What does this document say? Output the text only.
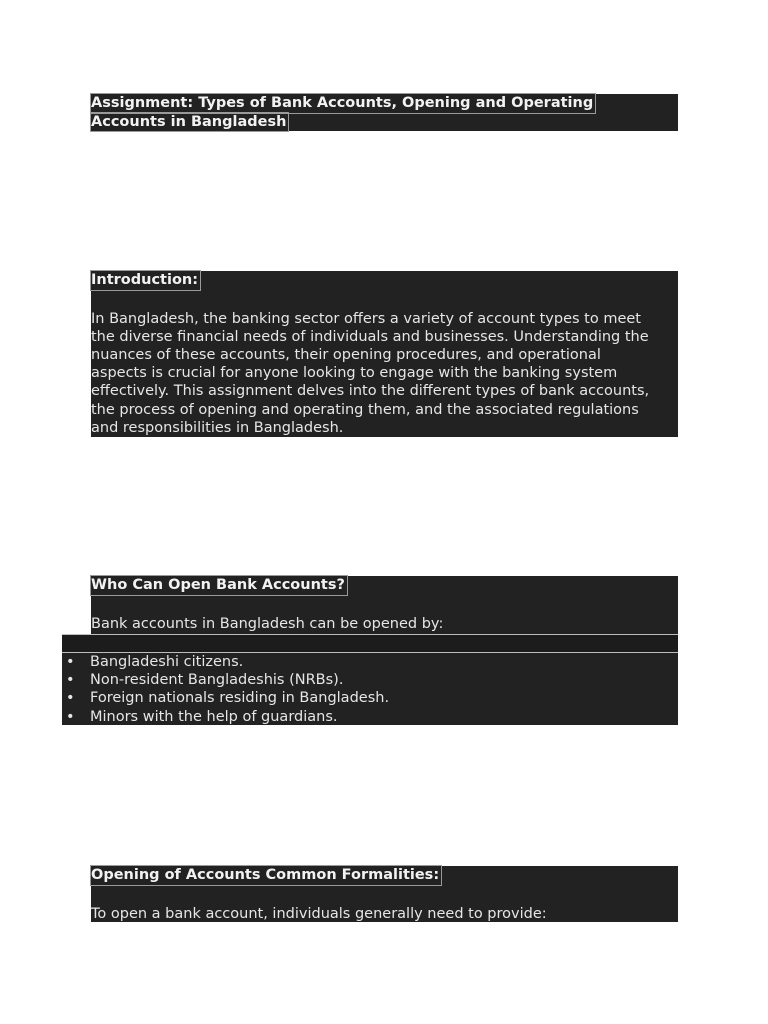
Assignment: Types of Bank Accounts, Opening and Operating
Accounts in Bangladesh
Introduction:
In Bangladesh, the banking sector offers a variety of account types to meet
the diverse financial needs of individuals and businesses. Understanding the
nuances of these accounts, their opening procedures, and operational
aspects is crucial for anyone looking to engage with the banking system
effectively. This assignment delves into the different types of bank accounts,
the process of opening and operating them, and the associated regulations
and responsibilities in Bangladesh.
Who Can Open Bank Accounts?
Bank accounts in Bangladesh can be opened by:
• Bangladeshi citizens.
• Non-resident Bangladeshis (NRBs).
• Foreign nationals residing in Bangladesh.
• Minors with the help of guardians.
Opening of Accounts Common Formalities:
To open a bank account, individuals generally need to provide:
